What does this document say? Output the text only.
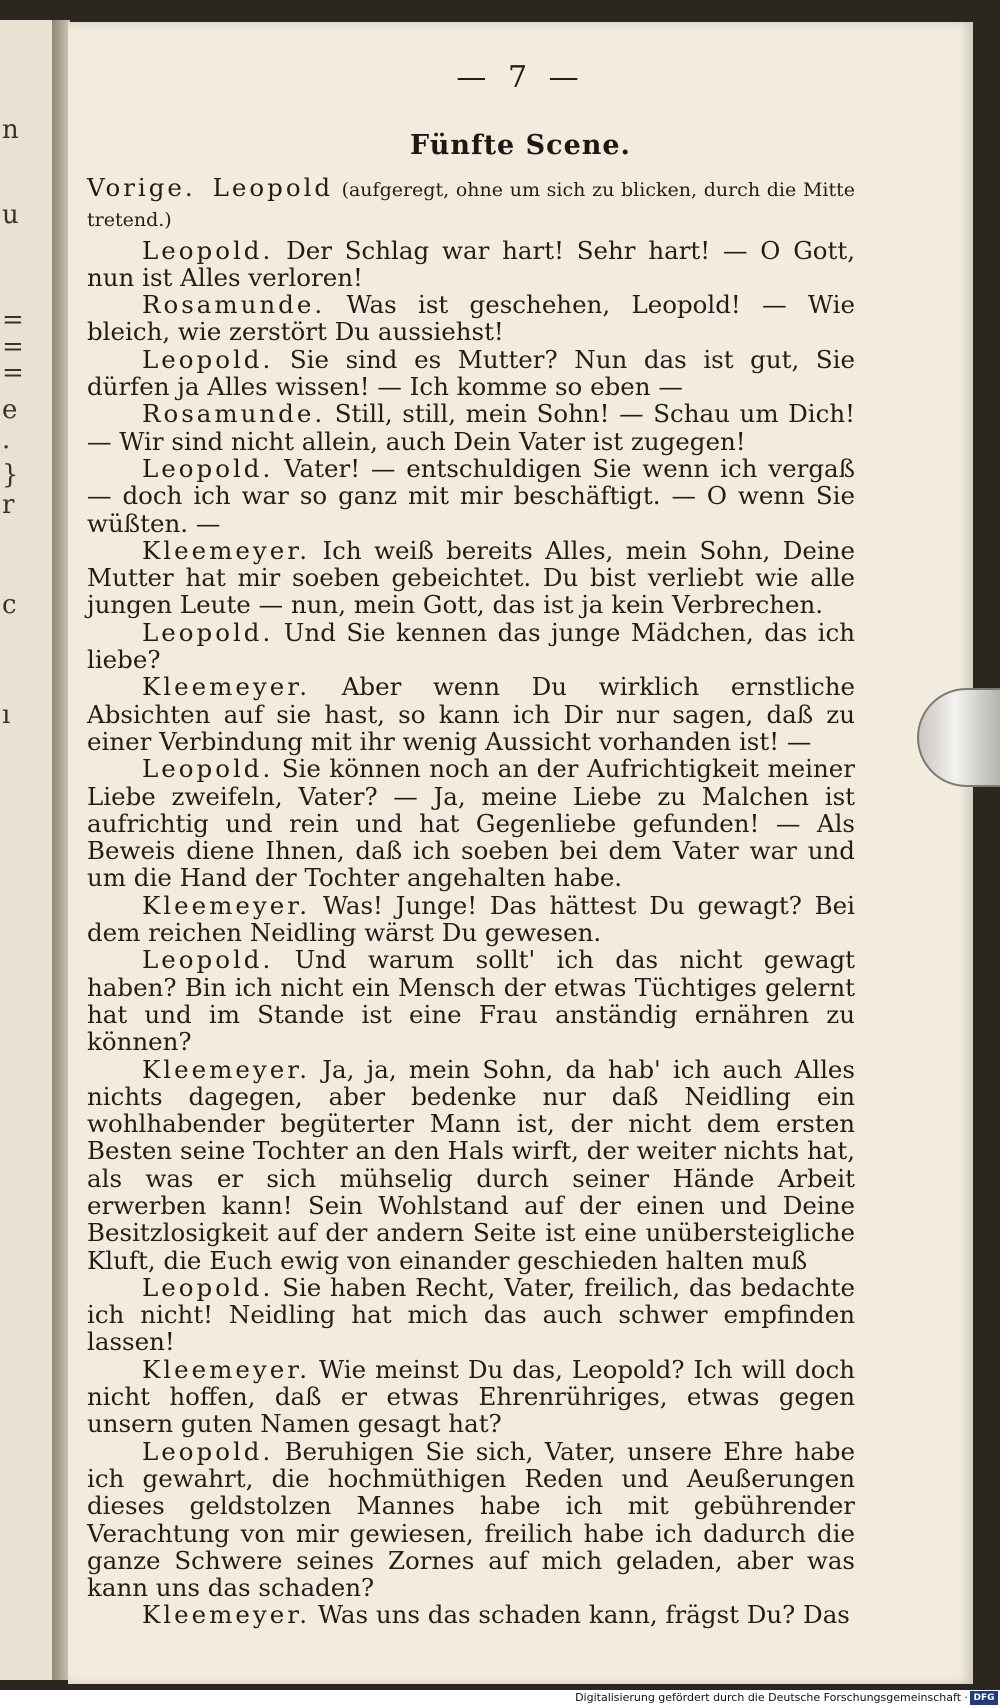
n
u
=
=
=
e
.
}
r
c
ı
— 7 —
Fünfte Scene.

Vorige. Leopold (aufgeregt, ohne um sich zu blicken, durch die Mitte tretend.)

Leopold. Der Schlag war hart! Sehr hart! — O Gott, nun ist Alles verloren!

Rosamunde. Was ist geschehen, Leopold! — Wie bleich, wie zerstört Du aussiehst!

Leopold. Sie sind es Mutter? Nun das ist gut, Sie dürfen ja Alles wissen! — Ich komme so eben —

Rosamunde. Still, still, mein Sohn! — Schau um Dich! — Wir sind nicht allein, auch Dein Vater ist zugegen!

Leopold. Vater! — entschuldigen Sie wenn ich vergaß — doch ich war so ganz mit mir beschäftigt. — O wenn Sie wüßten. —

Kleemeyer. Ich weiß bereits Alles, mein Sohn, Deine Mutter hat mir soeben gebeichtet. Du bist verliebt wie alle jungen Leute — nun, mein Gott, das ist ja kein Verbrechen.

Leopold. Und Sie kennen das junge Mädchen, das ich liebe?

Kleemeyer. Aber wenn Du wirklich ernstliche Absichten auf sie hast, so kann ich Dir nur sagen, daß zu einer Verbindung mit ihr wenig Aussicht vorhanden ist! —

Leopold. Sie können noch an der Aufrichtigkeit meiner Liebe zweifeln, Vater? — Ja, meine Liebe zu Malchen ist aufrichtig und rein und hat Gegenliebe gefunden! — Als Beweis diene Ihnen, daß ich soeben bei dem Vater war und um die Hand der Tochter angehalten habe.

Kleemeyer. Was! Junge! Das hättest Du gewagt? Bei dem reichen Neidling wärst Du gewesen.

Leopold. Und warum sollt' ich das nicht gewagt haben? Bin ich nicht ein Mensch der etwas Tüchtiges gelernt hat und im Stande ist eine Frau anständig ernähren zu können?

Kleemeyer. Ja, ja, mein Sohn, da hab' ich auch Alles nichts dagegen, aber bedenke nur daß Neidling ein wohlhabender begüterter Mann ist, der nicht dem ersten Besten seine Tochter an den Hals wirft, der weiter nichts hat, als was er sich mühselig durch seiner Hände Arbeit erwerben kann! Sein Wohlstand auf der einen und Deine Besitzlosigkeit auf der andern Seite ist eine unübersteigliche Kluft, die Euch ewig von einander geschieden halten muß

Leopold. Sie haben Recht, Vater, freilich, das bedachte ich nicht! Neidling hat mich das auch schwer empfinden lassen!

Kleemeyer. Wie meinst Du das, Leopold? Ich will doch nicht hoffen, daß er etwas Ehrenrühriges, etwas gegen unsern guten Namen gesagt hat?

Leopold. Beruhigen Sie sich, Vater, unsere Ehre habe ich gewahrt, die hochmüthigen Reden und Aeußerungen dieses geldstolzen Mannes habe ich mit gebührender Verachtung von mir gewiesen, freilich habe ich dadurch die ganze Schwere seines Zornes auf mich geladen, aber was kann uns das schaden?

Kleemeyer. Was uns das schaden kann, frägst Du? Das

Digitalisierung gefördert durch die Deutsche Forschungsgemeinschaft · DFG
